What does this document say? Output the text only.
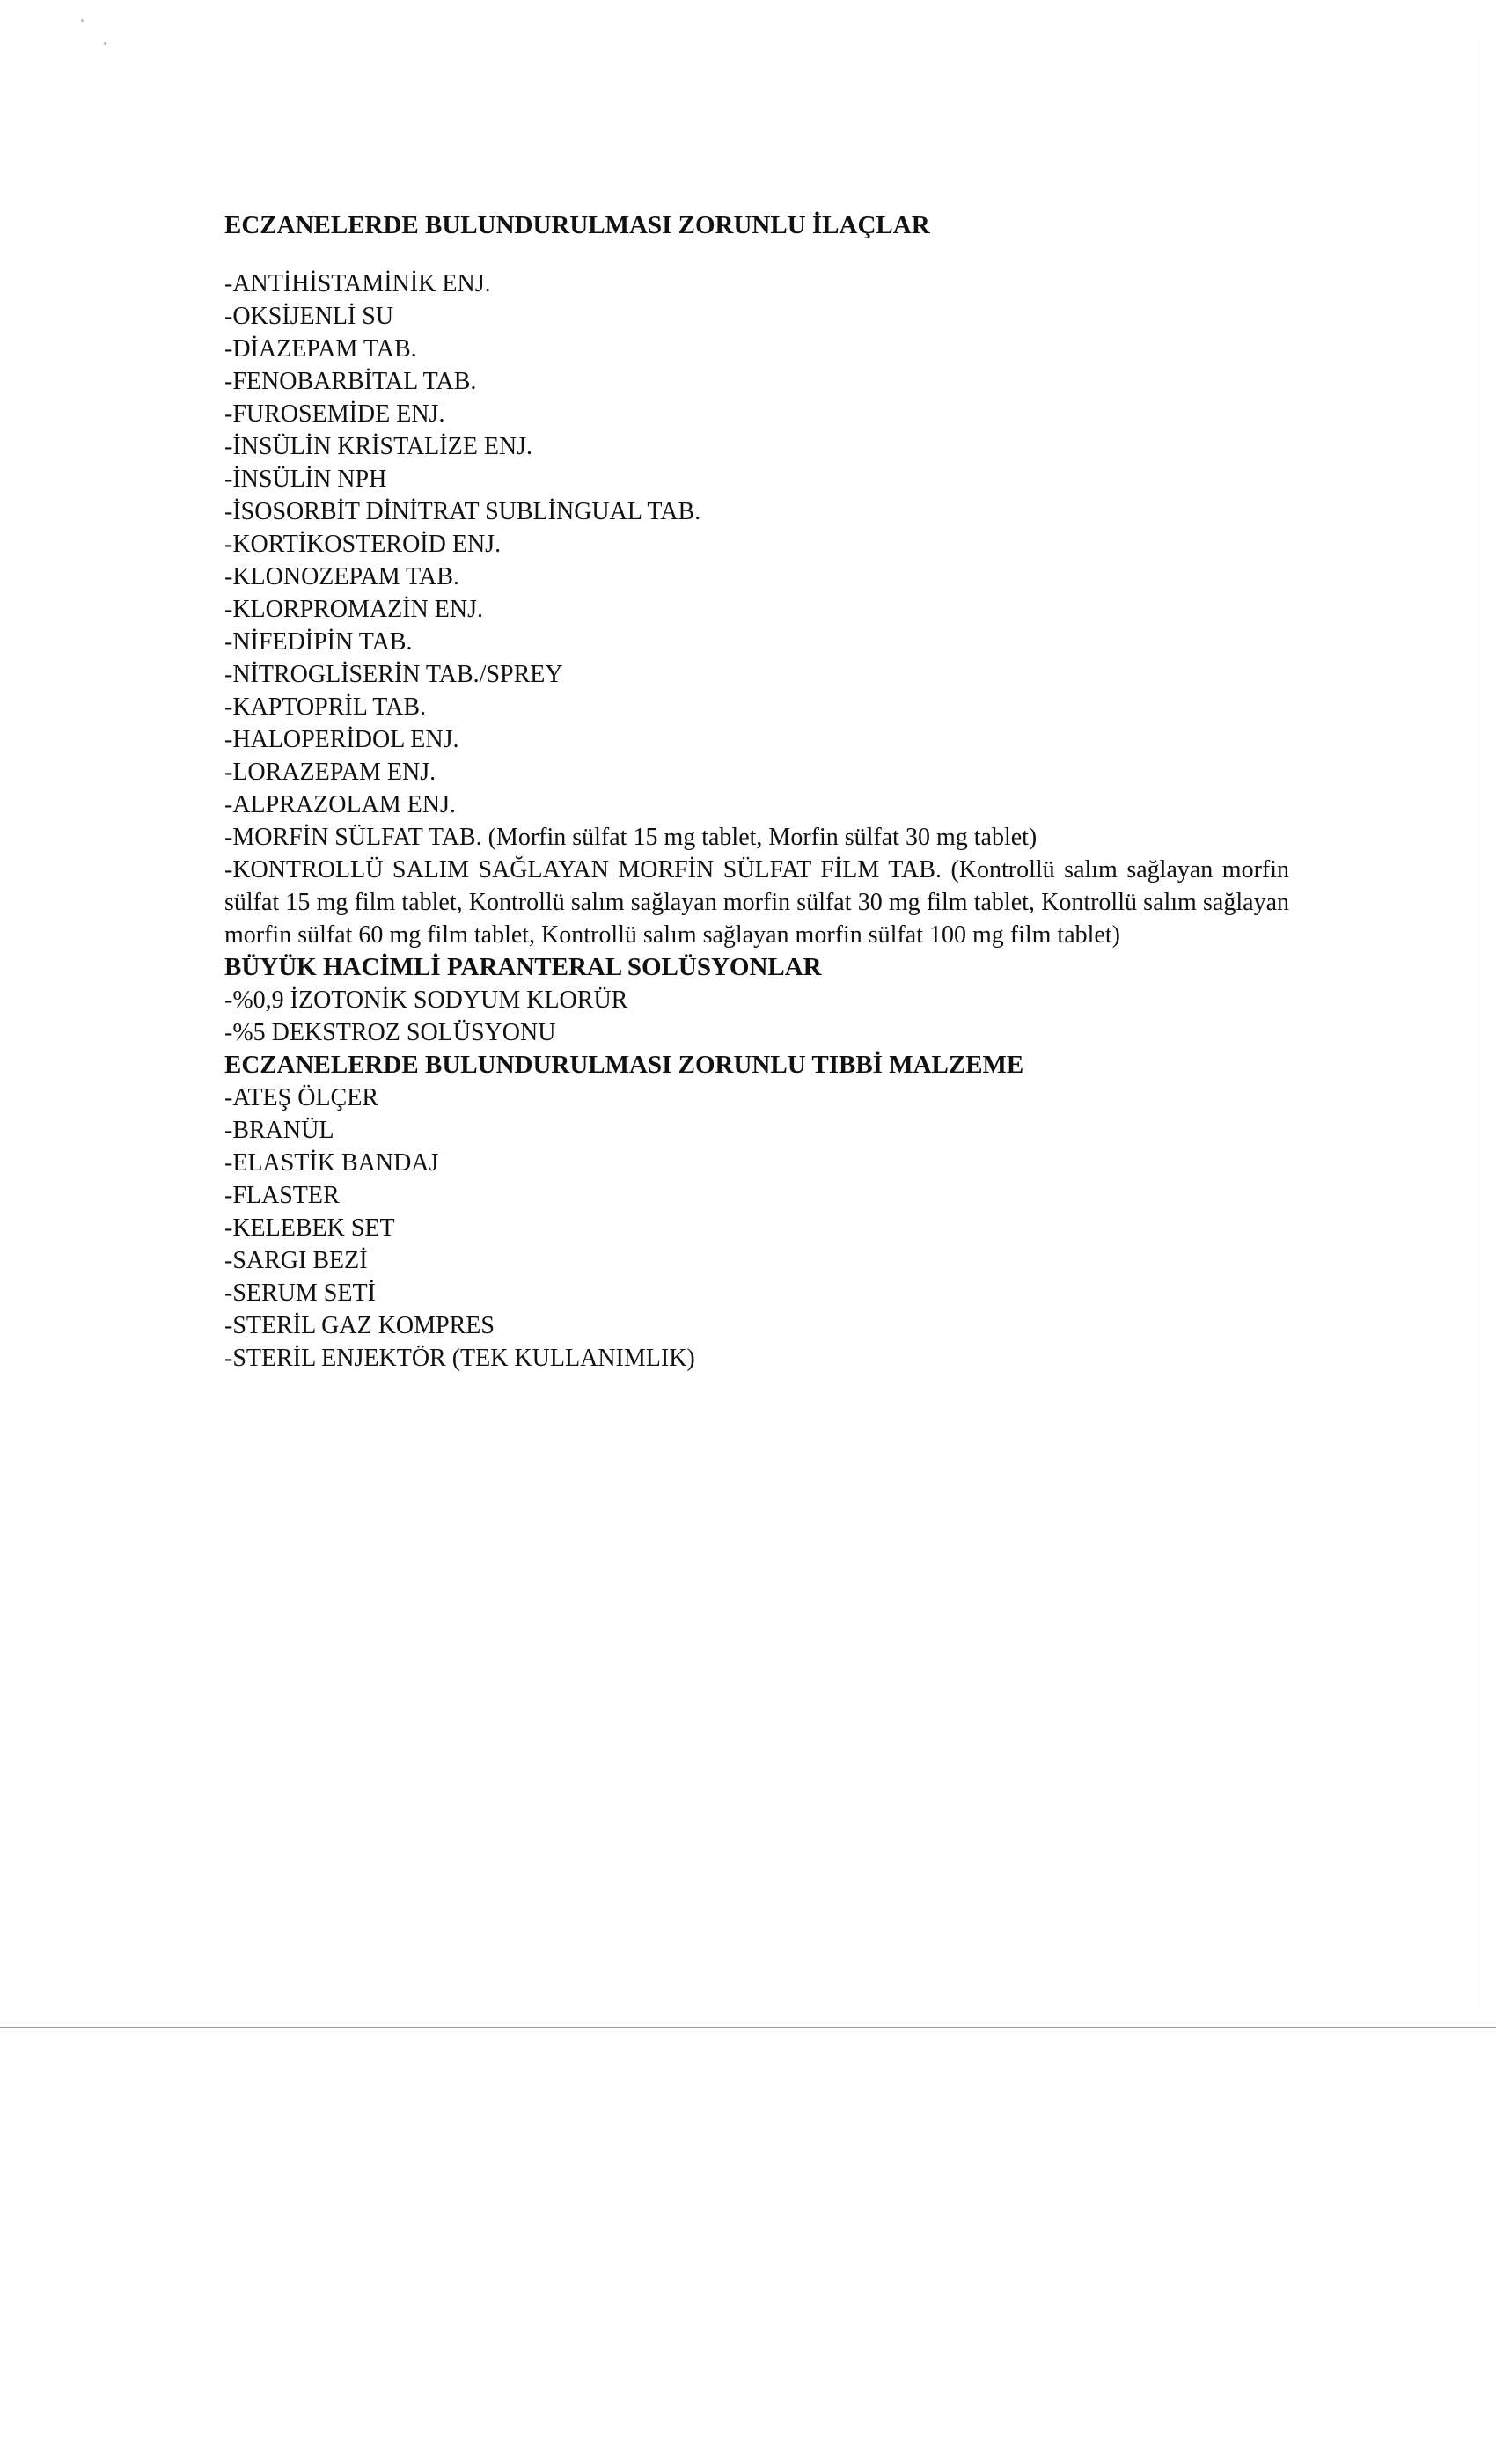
ECZANELERDE BULUNDURULMASI ZORUNLU İLAÇLAR
-ANTİHİSTAMİNİK ENJ.
-OKSİJENLİ SU
-DİAZEPAM TAB.
-FENOBARBİTAL TAB.
-FUROSEMİDE ENJ.
-İNSÜLİN KRİSTALİZE ENJ.
-İNSÜLİN NPH
-İSOSORBİT DİNİTRAT SUBLİNGUAL TAB.
-KORTİKOSTEROİD ENJ.
-KLONOZEPAM TAB.
-KLORPROMAZİN ENJ.
-NİFEDİPİN TAB.
-NİTROGLİSERİN TAB./SPREY
-KAPTOPRİL TAB.
-HALOPERİDOL ENJ.
-LORAZEPAM ENJ.
-ALPRAZOLAM ENJ.
-MORFİN SÜLFAT TAB. (Morfin sülfat 15 mg tablet, Morfin sülfat 30 mg tablet)
-KONTROLLÜ SALIM SAĞLAYAN MORFİN SÜLFAT FİLM TAB. (Kontrollü salım sağlayan morfin sülfat 15 mg film tablet, Kontrollü salım sağlayan morfin sülfat 30 mg film tablet, Kontrollü salım sağlayan morfin sülfat 60 mg film tablet, Kontrollü salım sağlayan morfin sülfat 100 mg film tablet)
BÜYÜK HACİMLİ PARANTERAL SOLÜSYONLAR
-%0,9 İZOTONİK SODYUM KLORÜR
-%5 DEKSTROZ SOLÜSYONU
ECZANELERDE BULUNDURULMASI ZORUNLU TIBBİ MALZEME
-ATEŞ ÖLÇER
-BRANÜL
-ELASTİK BANDAJ
-FLASTER
-KELEBEK SET
-SARGI BEZİ
-SERUM SETİ
-STERİL GAZ KOMPRES
-STERİL ENJEKTÖR (TEK KULLANIMLIK)
